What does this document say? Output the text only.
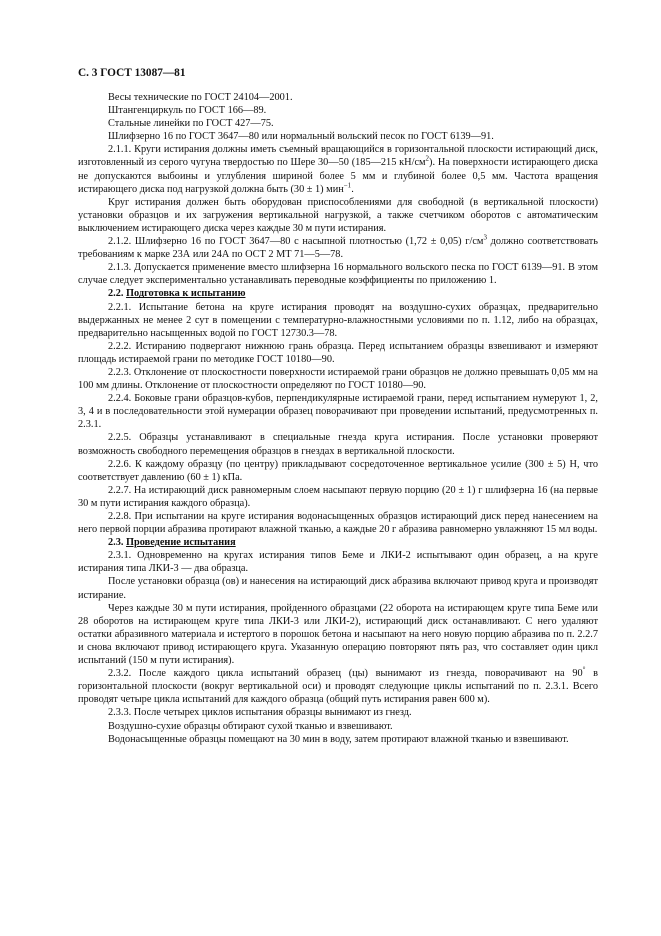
С. 3 ГОСТ 13087—81

Весы технические по ГОСТ 24104—2001.

Штангенциркуль по ГОСТ 166—89.

Стальные линейки по ГОСТ 427—75.

Шлифзерно 16 по ГОСТ 3647—80 или нормальный вольский песок по ГОСТ 6139—91.

2.1.1. Круги истирания должны иметь съемный вращающийся в горизонтальной плоскости истирающий диск, изготовленный из серого чугуна твердостью по Шере 30—50 (185—215 $кН/см^2$). На поверхности истирающего диска не допускаются выбоины и углубления шириной более 5 мм и глубиной более 0,5 мм. Частота вращения истирающего диска под нагрузкой должна быть (30 ± 1) мин$^{-1}$.

Круг истирания должен быть оборудован приспособлениями для свободной (в вертикальной плоскости) установки образцов и их загружения вертикальной нагрузкой, а также счетчиком оборотов с автоматическим выключением истирающего диска через каждые 30 м пути истирания.

2.1.2. Шлифзерно 16 по ГОСТ 3647—80 с насыпной плотностью (1,72 ± 0,05) $г/см^3$ должно соответствовать требованиям к марке 23А или 24А по ОСТ 2 МТ 71—5—78.

2.1.3. Допускается применение вместо шлифзерна 16 нормального вольского песка по ГОСТ 6139—91. В этом случае следует экспериментально устанавливать переводные коэффициенты по приложению 1.

2.2. Подготовка к испытанию

2.2.1. Испытание бетона на круге истирания проводят на воздушно-сухих образцах, предварительно выдержанных не менее 2 сут в помещении с температурно-влажностными условиями по п. 1.12, либо на образцах, предварительно насыщенных водой по ГОСТ 12730.3—78.

2.2.2. Истиранию подвергают нижнюю грань образца. Перед испытанием образцы взвешивают и измеряют площадь истираемой грани по методике ГОСТ 10180—90.

2.2.3. Отклонение от плоскостности поверхности истираемой грани образцов не должно превышать 0,05 мм на 100 мм длины. Отклонение от плоскостности определяют по ГОСТ 10180—90.

2.2.4. Боковые грани образцов-кубов, перпендикулярные истираемой грани, перед испытанием нумеруют 1, 2, 3, 4 и в последовательности этой нумерации образец поворачивают при проведении испытаний, предусмотренных п. 2.3.1.

2.2.5. Образцы устанавливают в специальные гнезда круга истирания. После установки проверяют возможность свободного перемещения образцов в гнездах в вертикальной плоскости.

2.2.6. К каждому образцу (по центру) прикладывают сосредоточенное вертикальное усилие (300 ± 5) Н, что соответствует давлению (60 ± 1) кПа.

2.2.7. На истирающий диск равномерным слоем насыпают первую порцию (20 ± 1) г шлифзерна 16 (на первые 30 м пути истирания каждого образца).

2.2.8. При испытании на круге истирания водонасыщенных образцов истирающий диск перед нанесением на него первой порции абразива протирают влажной тканью, а каждые 20 г абразива равномерно увлажняют 15 мл воды.

2.3. Проведение испытания

2.3.1. Одновременно на кругах истирания типов Беме и ЛКИ-2 испытывают один образец, а на круге истирания типа ЛКИ-3 — два образца.

После установки образца (ов) и нанесения на истирающий диск абразива включают привод круга и производят истирание.

Через каждые 30 м пути истирания, пройденного образцами (22 оборота на истирающем круге типа Беме или 28 оборотов на истирающем круге типа ЛКИ-3 или ЛКИ-2), истирающий диск останавливают. С него удаляют остатки абразивного материала и истертого в порошок бетона и насыпают на него новую порцию абразива по п. 2.2.7 и снова включают привод истирающего круга. Указанную операцию повторяют пять раз, что составляет один цикл испытаний (150 м пути истирания).

2.3.2. После каждого цикла испытаний образец (цы) вынимают из гнезда, поворачивают на 90° в горизонтальной плоскости (вокруг вертикальной оси) и проводят следующие циклы испытаний по п. 2.3.1. Всего проводят четыре цикла испытаний для каждого образца (общий путь истирания равен 600 м).

2.3.3. После четырех циклов испытания образцы вынимают из гнезд.

Воздушно-сухие образцы обтирают сухой тканью и взвешивают.

Водонасыщенные образцы помещают на 30 мин в воду, затем протирают влажной тканью и взвешивают.
